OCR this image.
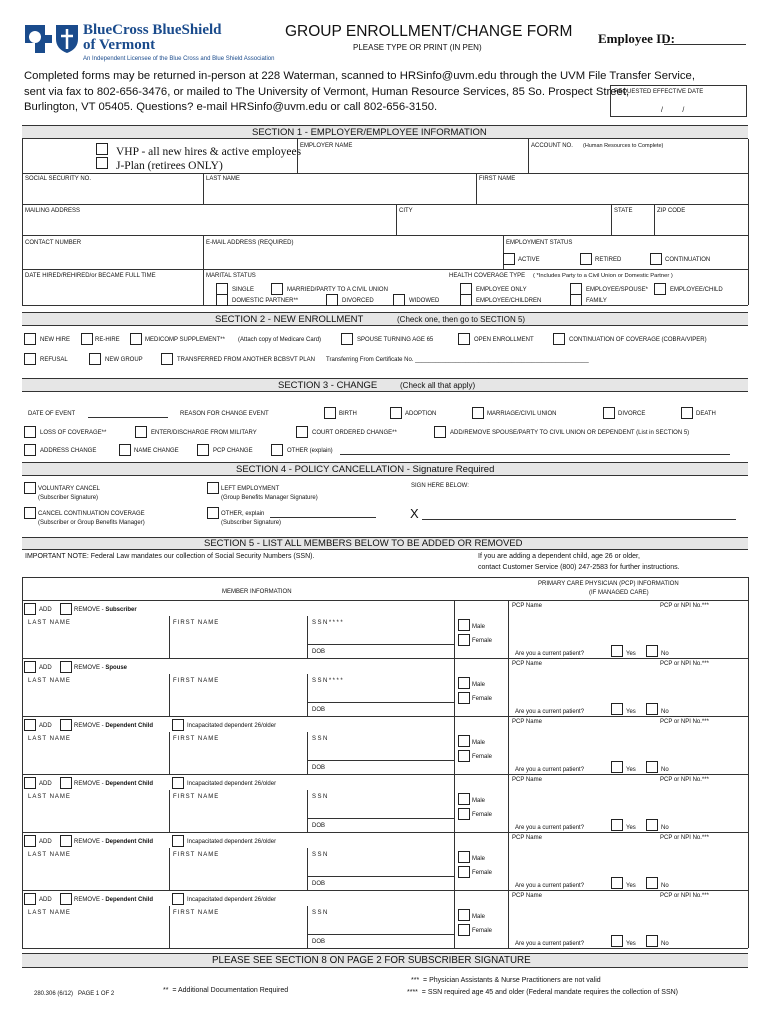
BlueCross BlueShield
of Vermont
An Independent Licensee of the Blue Cross and Blue Shield Association
GROUP ENROLLMENT/CHANGE FORM
PLEASE TYPE OR PRINT (IN PEN)
Employee ID:
Completed forms may be returned in-person at 228 Waterman, scanned to HRSinfo@uvm.edu through the UVM File Transfer Service,
sent via fax to 802-656-3476, or mailed to The University of Vermont, Human Resource Services, 85 So. Prospect Street,
Burlington, VT 05405. Questions? e-mail HRSinfo@uvm.edu or call 802-656-3150.
REQUESTED EFFECTIVE DATE
/          /
SECTION 1 - EMPLOYER/EMPLOYEE INFORMATION
VHP - all new hires & active employees
J-Plan (retirees ONLY)
EMPLOYER NAME	ACCOUNT NO. (Human Resources to Complete)
SOCIAL SECURITY NO.	LAST NAME	FIRST NAME
MAILING ADDRESS	CITY	STATE	ZIP CODE
CONTACT NUMBER	E-MAIL ADDRESS (REQUIRED)	EMPLOYMENT STATUS
ACTIVE	RETIRED	CONTINUATION
DATE HIRED/REHIRED/or BECAME FULL TIME	MARITAL STATUS
SINGLE	MARRIED/PARTY TO A CIVIL UNION
DOMESTIC PARTNER**	DIVORCED	WIDOWED
HEALTH COVERAGE TYPE ( *Includes Party to a Civil Union or Domestic Partner )
EMPLOYEE ONLY	EMPLOYEE/SPOUSE*	EMPLOYEE/CHILD
EMPLOYEE/CHILDREN	FAMILY
SECTION 2 - NEW ENROLLMENT	(Check one, then go to SECTION 5)
NEW HIRE	RE-HIRE	MEDICOMP SUPPLEMENT** (Attach copy of Medicare Card)	SPOUSE TURNING AGE 65	OPEN ENROLLMENT	CONTINUATION OF COVERAGE (COBRA/VIPER)
REFUSAL	NEW GROUP	TRANSFERRED FROM ANOTHER BCBSVT PLAN Transferring From Certificate No. ____________________________________________________
SECTION 3 - CHANGE	(Check all that apply)
DATE OF EVENT	REASON FOR CHANGE EVENT	BIRTH	ADOPTION	MARRIAGE/CIVIL UNION	DIVORCE	DEATH
LOSS OF COVERAGE**	ENTER/DISCHARGE FROM MILITARY	COURT ORDERED CHANGE**	ADD/REMOVE SPOUSE/PARTY TO CIVIL UNION OR DEPENDENT (List in SECTION 5)
ADDRESS CHANGE	NAME CHANGE	PCP CHANGE	OTHER (explain)
SECTION 4 - POLICY CANCELLATION - Signature Required
VOLUNTARY CANCEL
(Subscriber Signature)
LEFT EMPLOYMENT
(Group Benefits Manager Signature)
SIGN HERE BELOW:
CANCEL CONTINUATION COVERAGE
(Subscriber or Group Benefits Manager)
OTHER, explain
(Subscriber Signature)
X
SECTION 5 - LIST ALL MEMBERS BELOW TO BE ADDED OR REMOVED
IMPORTANT NOTE: Federal Law mandates our collection of Social Security Numbers (SSN).	If you are adding a dependent child, age 26 or older,
contact Customer Service (800) 247-2583 for further instructions.
MEMBER INFORMATION
PRIMARY CARE PHYSICIAN (PCP) INFORMATION
(IF MANAGED CARE)
ADD	REMOVE - Subscriber
LAST NAME	FIRST NAME	SSN****
DOB
Male
Female
PCP Name	PCP or NPI No.***
Are you a current patient?	Yes	No
ADD	REMOVE - Spouse
LAST NAME	FIRST NAME	SSN****
DOB
Male
Female
PCP Name	PCP or NPI No.***
Are you a current patient?	Yes	No
ADD	REMOVE - Dependent Child	Incapacitated dependent 26/older
LAST NAME	FIRST NAME	SSN
DOB
Male
Female
PCP Name	PCP or NPI No.***
Are you a current patient?	Yes	No
ADD	REMOVE - Dependent Child	Incapacitated dependent 26/older
LAST NAME	FIRST NAME	SSN
DOB
Male
Female
PCP Name	PCP or NPI No.***
Are you a current patient?	Yes	No
ADD	REMOVE - Dependent Child	Incapacitated dependent 26/older
LAST NAME	FIRST NAME	SSN
DOB
Male
Female
PCP Name	PCP or NPI No.***
Are you a current patient?	Yes	No
ADD	REMOVE - Dependent Child	Incapacitated dependent 26/older
LAST NAME	FIRST NAME	SSN
DOB
Male
Female
PCP Name	PCP or NPI No.***
Are you a current patient?	Yes	No
PLEASE SEE SECTION 8 ON PAGE 2 FOR SUBSCRIBER SIGNATURE
280.306 (6/12)   PAGE 1 OF 2	**  = Additional Documentation Required
***  = Physician Assistants & Nurse Practitioners are not valid
****  = SSN required age 45 and older (Federal mandate requires the collection of SSN)
